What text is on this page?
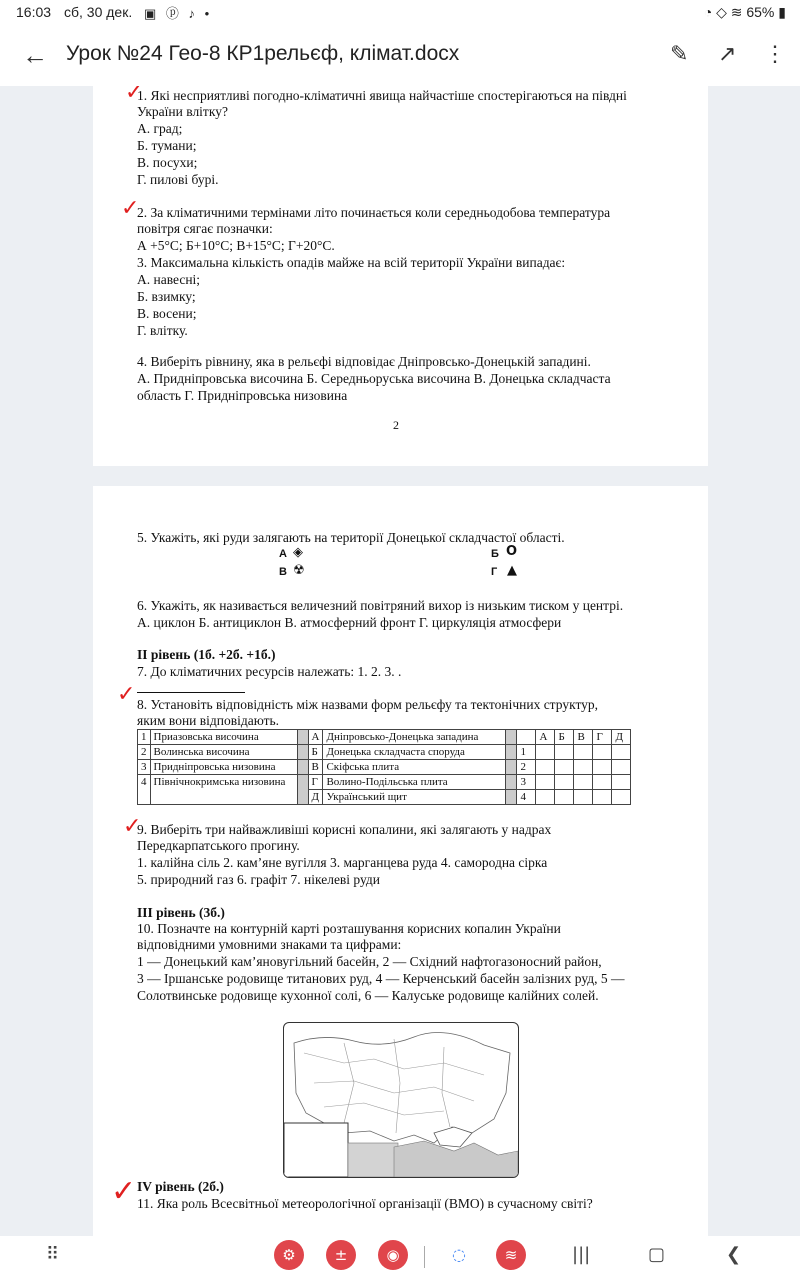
16:03 сб, 30 дек. ▣ ⓟ ♪ •	◔ ◇ ≋ 65% ▮
← Урок №24 Гео-8 КР1рельєф, клімат.docx	✎ ↗ ⋮
✓
1. Які несприятливі погодно-кліматичні явища найчастіше спостерігаються на півдні
України влітку?
А. град;
Б. тумани;
В. посухи;
Г. пилові бурі.
✓
2. За кліматичними термінами літо починається коли середньодобова температура
повітря сягає позначки:
А +5°С; Б+10°С; В+15°С; Г+20°С.
3. Максимальна кількість опадів майже на всій території України випадає:
А. навесні;
Б. взимку;
В. восени;
Г. влітку.
4. Виберіть рівнину, яка в рельєфі відповідає Дніпровсько-Донецькій западині.
А. Придніпровська височина Б. Середньоруська височина В. Донецька складчаста
область Г. Придніпровська низовина
2
5. Укажіть, які руди залягають на території Донецької складчастої області.
А ◈	Б O
В ☢	Г ▲
6. Укажіть, як називається величезний повітряний вихор із низьким тиском у центрі.
А. циклон Б. антициклон В. атмосферний фронт Г. циркуляція атмосфери
ІІ рівень (1б. +2б. +1б.)
7. До кліматичних ресурсів належать: 1. 2. 3. .
✓ 8. Установіть відповідність між назвами форм рельєфу та тектонічних структур,
яким вони відповідають.
1	Приазовська височина		А	Дніпровсько-Донецька западина			А	Б	В	Г	Д
2	Волинська височина		Б	Донецька складчаста споруда		1					
3	Придніпровська низовина		В	Скіфська плита		2					
4	Північнокримська низовина		Г	Волино-Подільська плита		3					
			Д	Український щит		4					
✓
9. Виберіть три найважливіші корисні копалини, які залягають у надрах
Передкарпатського прогину.
1. калійна сіль 2. кам’яне вугілля 3. марганцева руда 4. самородна сірка
5. природний газ 6. графіт 7. нікелеві руди
ІІІ рівень (3б.)
10. Позначте на контурній карті розташування корисних копалин України
відповідними умовними знаками та цифрами:
1 — Донецький кам’яновугільний басейн, 2 — Східний нафтогазоносний район,
3 — Іршанське родовище титанових руд, 4 — Керченський басейн залізних руд, 5 —
Солотвинське родовище кухонної солі, 6 — Калуське родовище калійних солей.
✓ ІV рівень (2б.)
11. Яка роль Всесвітньої метеорологічної організації (ВМО) в сучасному світі?
⠿	⚙	±	◉	◌	≋	|||	▢	❮
